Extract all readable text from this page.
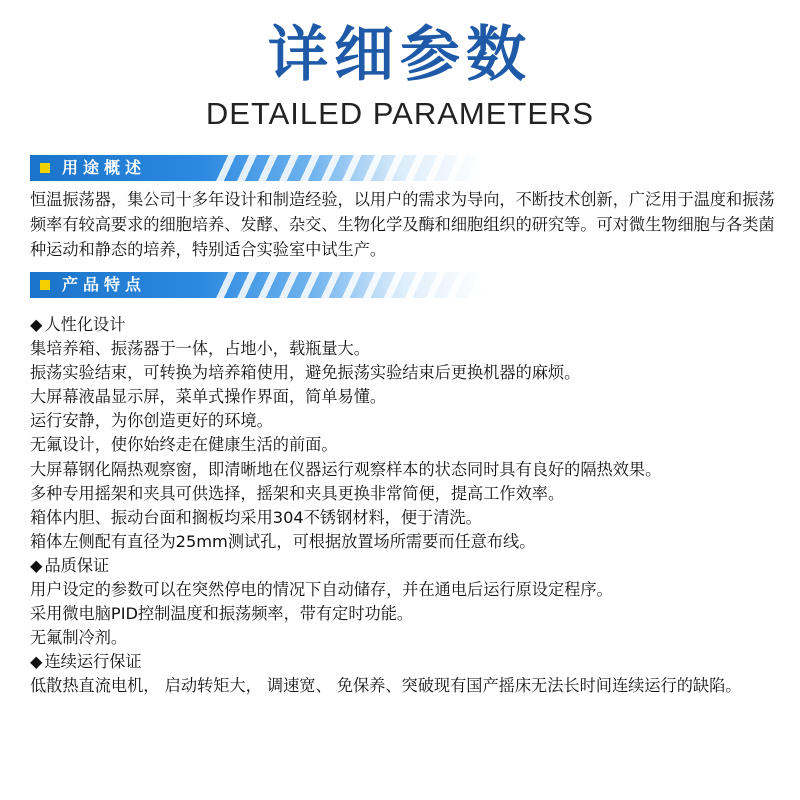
详细参数
DETAILED PARAMETERS
用途概述

恒温振荡器，集公司十多年设计和制造经验，以用户的需求为导向，不断技术创新，广泛用于温度和振荡频率有较高要求的细胞培养、发酵、杂交、生物化学及酶和细胞组织的研究等。可对微生物细胞与各类菌种运动和静态的培养，特别适合实验室中试生产。

产品特点

◆ 人性化设计

集培养箱、振荡器于一体，占地小，载瓶量大。

振荡实验结束，可转换为培养箱使用，避免振荡实验结束后更换机器的麻烦。

大屏幕液晶显示屏，菜单式操作界面，简单易懂。

运行安静，为你创造更好的环境。

无氟设计，使你始终走在健康生活的前面。

大屏幕钢化隔热观察窗，即清晰地在仪器运行观察样本的状态同时具有良好的隔热效果。

多种专用摇架和夹具可供选择，摇架和夹具更换非常简便，提高工作效率。

箱体内胆、振动台面和搁板均采用304不锈钢材料，便于清洗。

箱体左侧配有直径为25mm测试孔，可根据放置场所需要而任意布线。

◆ 品质保证

用户设定的参数可以在突然停电的情况下自动储存，并在通电后运行原设定程序。

采用微电脑PID控制温度和振荡频率，带有定时功能。

无氟制冷剂。

◆ 连续运行保证

低散热直流电机， 启动转矩大， 调速宽、 免保养、突破现有国产摇床无法长时间连续运行的缺陷。
